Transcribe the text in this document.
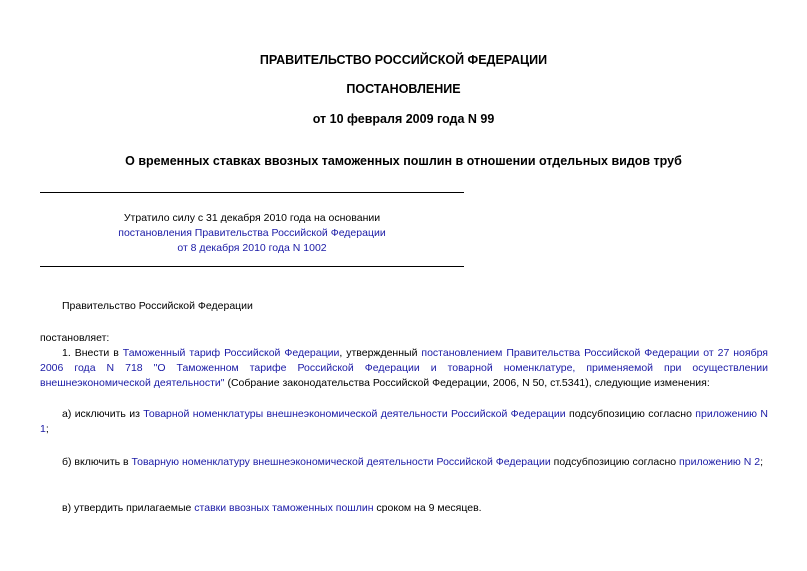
ПРАВИТЕЛЬСТВО РОССИЙСКОЙ ФЕДЕРАЦИИ
ПОСТАНОВЛЕНИЕ
от 10 февраля 2009 года N 99
О временных ставках ввозных таможенных пошлин в отношении отдельных видов труб
Утратило силу с 31 декабря 2010 года на основании
постановления Правительства Российской Федерации
от 8 декабря 2010 года N 1002
Правительство Российской Федерации
постановляет:
1. Внести в Таможенный тариф Российской Федерации, утвержденный постановлением Правительства Российской Федерации от 27 ноября 2006 года N 718 "О Таможенном тарифе Российской Федерации и товарной номенклатуре, применяемой при осуществлении внешнеэкономической деятельности" (Собрание законодательства Российской Федерации, 2006, N 50, ст.5341), следующие изменения:
а) исключить из Товарной номенклатуры внешнеэкономической деятельности Российской Федерации подсубпозицию согласно приложению N 1;
б) включить в Товарную номенклатуру внешнеэкономической деятельности Российской Федерации подсубпозицию согласно приложению N 2;
в) утвердить прилагаемые ставки ввозных таможенных пошлин сроком на 9 месяцев.
